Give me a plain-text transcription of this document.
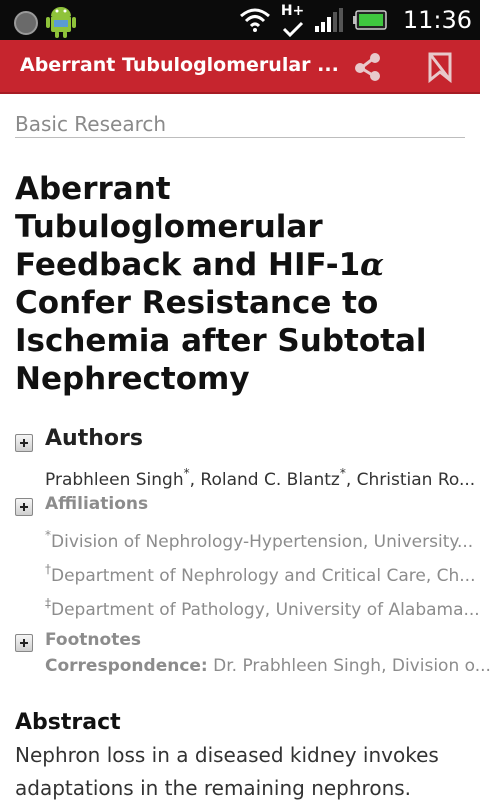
H+	11:36
Aberrant Tubuloglomerular ...
Basic Research
Aberrant Tubuloglomerular Feedback and HIF-1α Confer Resistance to Ischemia after Subtotal Nephrectomy
Authors
Prabhleen Singh*, Roland C. Blantz*, Christian Ro...
Affiliations
*Division of Nephrology-Hypertension, University...
†Department of Nephrology and Critical Care, Ch...
‡Department of Pathology, University of Alabama...
Footnotes
Correspondence: Dr. Prabhleen Singh, Division o...
Abstract

Nephron loss in a diseased kidney invokes adaptations in the remaining nephrons.
